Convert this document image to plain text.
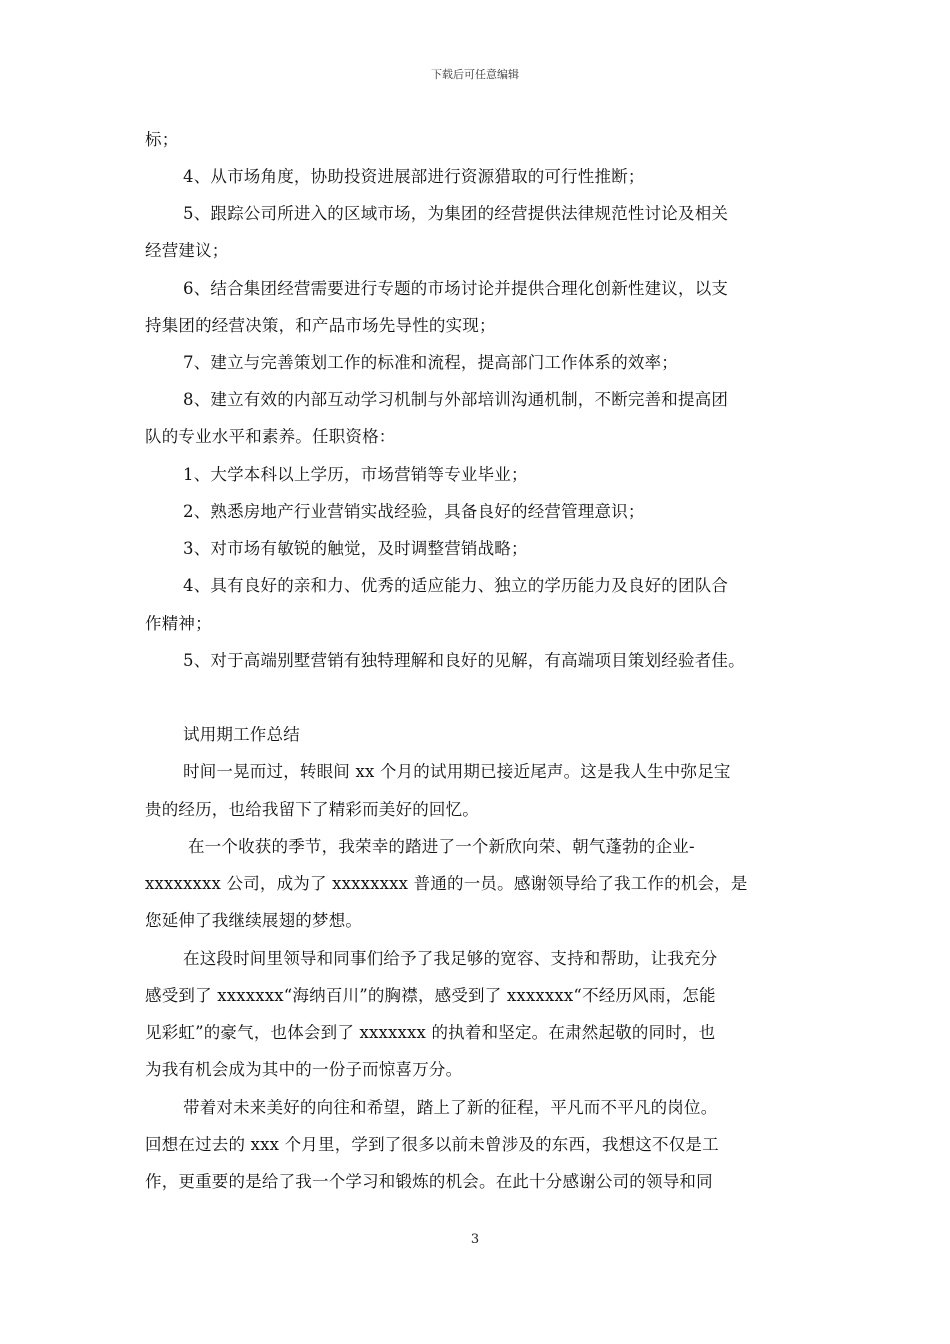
下载后可任意编辑
标；
4、从市场角度，协助投资进展部进行资源猎取的可行性推断；
5、跟踪公司所进入的区域市场，为集团的经营提供法律规范性讨论及相关
经营建议；
6、结合集团经营需要进行专题的市场讨论并提供合理化创新性建议，以支
持集团的经营决策，和产品市场先导性的实现；
7、建立与完善策划工作的标准和流程，提高部门工作体系的效率；
8、建立有效的内部互动学习机制与外部培训沟通机制，不断完善和提高团
队的专业水平和素养。任职资格：
1、大学本科以上学历，市场营销等专业毕业；
2、熟悉房地产行业营销实战经验，具备良好的经营管理意识；
3、对市场有敏锐的触觉，及时调整营销战略；
4、具有良好的亲和力、优秀的适应能力、独立的学历能力及良好的团队合
作精神；
5、对于高端别墅营销有独特理解和良好的见解，有高端项目策划经验者佳。
试用期工作总结
时间一晃而过，转眼间 xx 个月的试用期已接近尾声。这是我人生中弥足宝
贵的经历，也给我留下了精彩而美好的回忆。
在一个收获的季节，我荣幸的踏进了一个新欣向荣、朝气蓬勃的企业-
xxxxxxxx 公司，成为了 xxxxxxxx 普通的一员。感谢领导给了我工作的机会，是
您延伸了我继续展翅的梦想。
在这段时间里领导和同事们给予了我足够的宽容、支持和帮助，让我充分
感受到了 xxxxxxx“海纳百川”的胸襟，感受到了 xxxxxxx“不经历风雨，怎能
见彩虹”的豪气，也体会到了 xxxxxxx 的执着和坚定。在肃然起敬的同时，也
为我有机会成为其中的一份子而惊喜万分。
带着对未来美好的向往和希望，踏上了新的征程，平凡而不平凡的岗位。
回想在过去的 xxx 个月里，学到了很多以前未曾涉及的东西，我想这不仅是工
作，更重要的是给了我一个学习和锻炼的机会。在此十分感谢公司的领导和同
3
